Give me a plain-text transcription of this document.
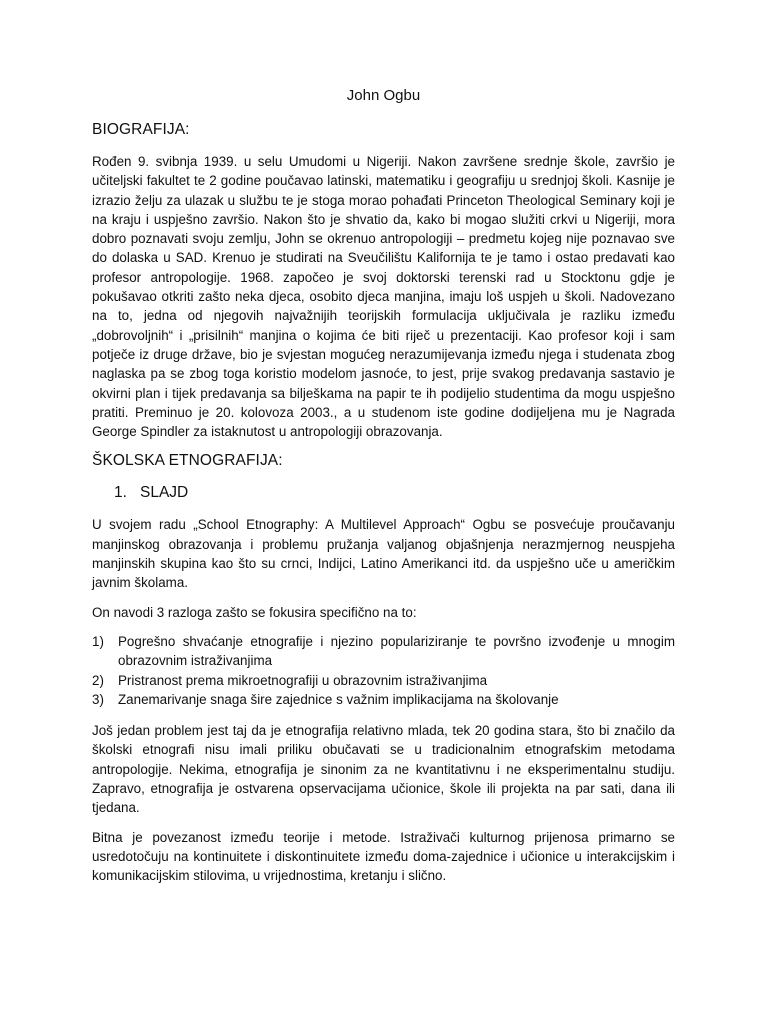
John Ogbu
BIOGRAFIJA:

Rođen 9. svibnja 1939. u selu Umudomi u Nigeriji. Nakon završene srednje škole, završio je učiteljski fakultet te 2 godine poučavao latinski, matematiku i geografiju u srednjoj školi. Kasnije je izrazio želju za ulazak u službu te je stoga morao pohađati Princeton Theological Seminary koji je na kraju i uspješno završio. Nakon što je shvatio da, kako bi mogao služiti crkvi u Nigeriji, mora dobro poznavati svoju zemlju, John se okrenuo antropologiji – predmetu kojeg nije poznavao sve do dolaska u SAD. Krenuo je studirati na Sveučilištu Kalifornija te je tamo i ostao predavati kao profesor antropologije. 1968. započeo je svoj doktorski terenski rad u Stocktonu gdje je pokušavao otkriti zašto neka djeca, osobito djeca manjina, imaju loš uspjeh u školi. Nadovezano na to, jedna od njegovih najvažnijih teorijskih formulacija uključivala je razliku između „dobrovoljnih“ i „prisilnih“ manjina o kojima će biti riječ u prezentaciji. Kao profesor koji i sam potječe iz druge države, bio je svjestan mogućeg nerazumijevanja između njega i studenata zbog naglaska pa se zbog toga koristio modelom jasnoće, to jest, prije svakog predavanja sastavio je okvirni plan i tijek predavanja sa bilješkama na papir te ih podijelio studentima da mogu uspješno pratiti. Preminuo je 20. kolovoza 2003., a u studenom iste godine dodijeljena mu je Nagrada George Spindler za istaknutost u antropologiji obrazovanja.

ŠKOLSKA ETNOGRAFIJA:
1. SLAJD

U svojem radu „School Etnography: A Multilevel Approach“ Ogbu se posvećuje proučavanju manjinskog obrazovanja i problemu pružanja valjanog objašnjenja nerazmjernog neuspjeha manjinskih skupina kao što su crnci, Indijci, Latino Amerikanci itd. da uspješno uče u američkim javnim školama.

On navodi 3 razloga zašto se fokusira specifično na to:

1)	Pogrešno shvaćanje etnografije i njezino populariziranje te površno izvođenje u mnogim obrazovnim istraživanjima
2)	Pristranost prema mikroetnografiji u obrazovnim istraživanjima
3)	Zanemarivanje snaga šire zajednice s važnim implikacijama na školovanje

Još jedan problem jest taj da je etnografija relativno mlada, tek 20 godina stara, što bi značilo da školski etnografi nisu imali priliku obučavati se u tradicionalnim etnografskim metodama antropologije. Nekima, etnografija je sinonim za ne kvantitativnu i ne eksperimentalnu studiju. Zapravo, etnografija je ostvarena opservacijama učionice, škole ili projekta na par sati, dana ili tjedana.

Bitna je povezanost između teorije i metode. Istraživači kulturnog prijenosa primarno se usredotočuju na kontinuitete i diskontinuitete između doma-zajednice i učionice u interakcijskim i komunikacijskim stilovima, u vrijednostima, kretanju i slično.
